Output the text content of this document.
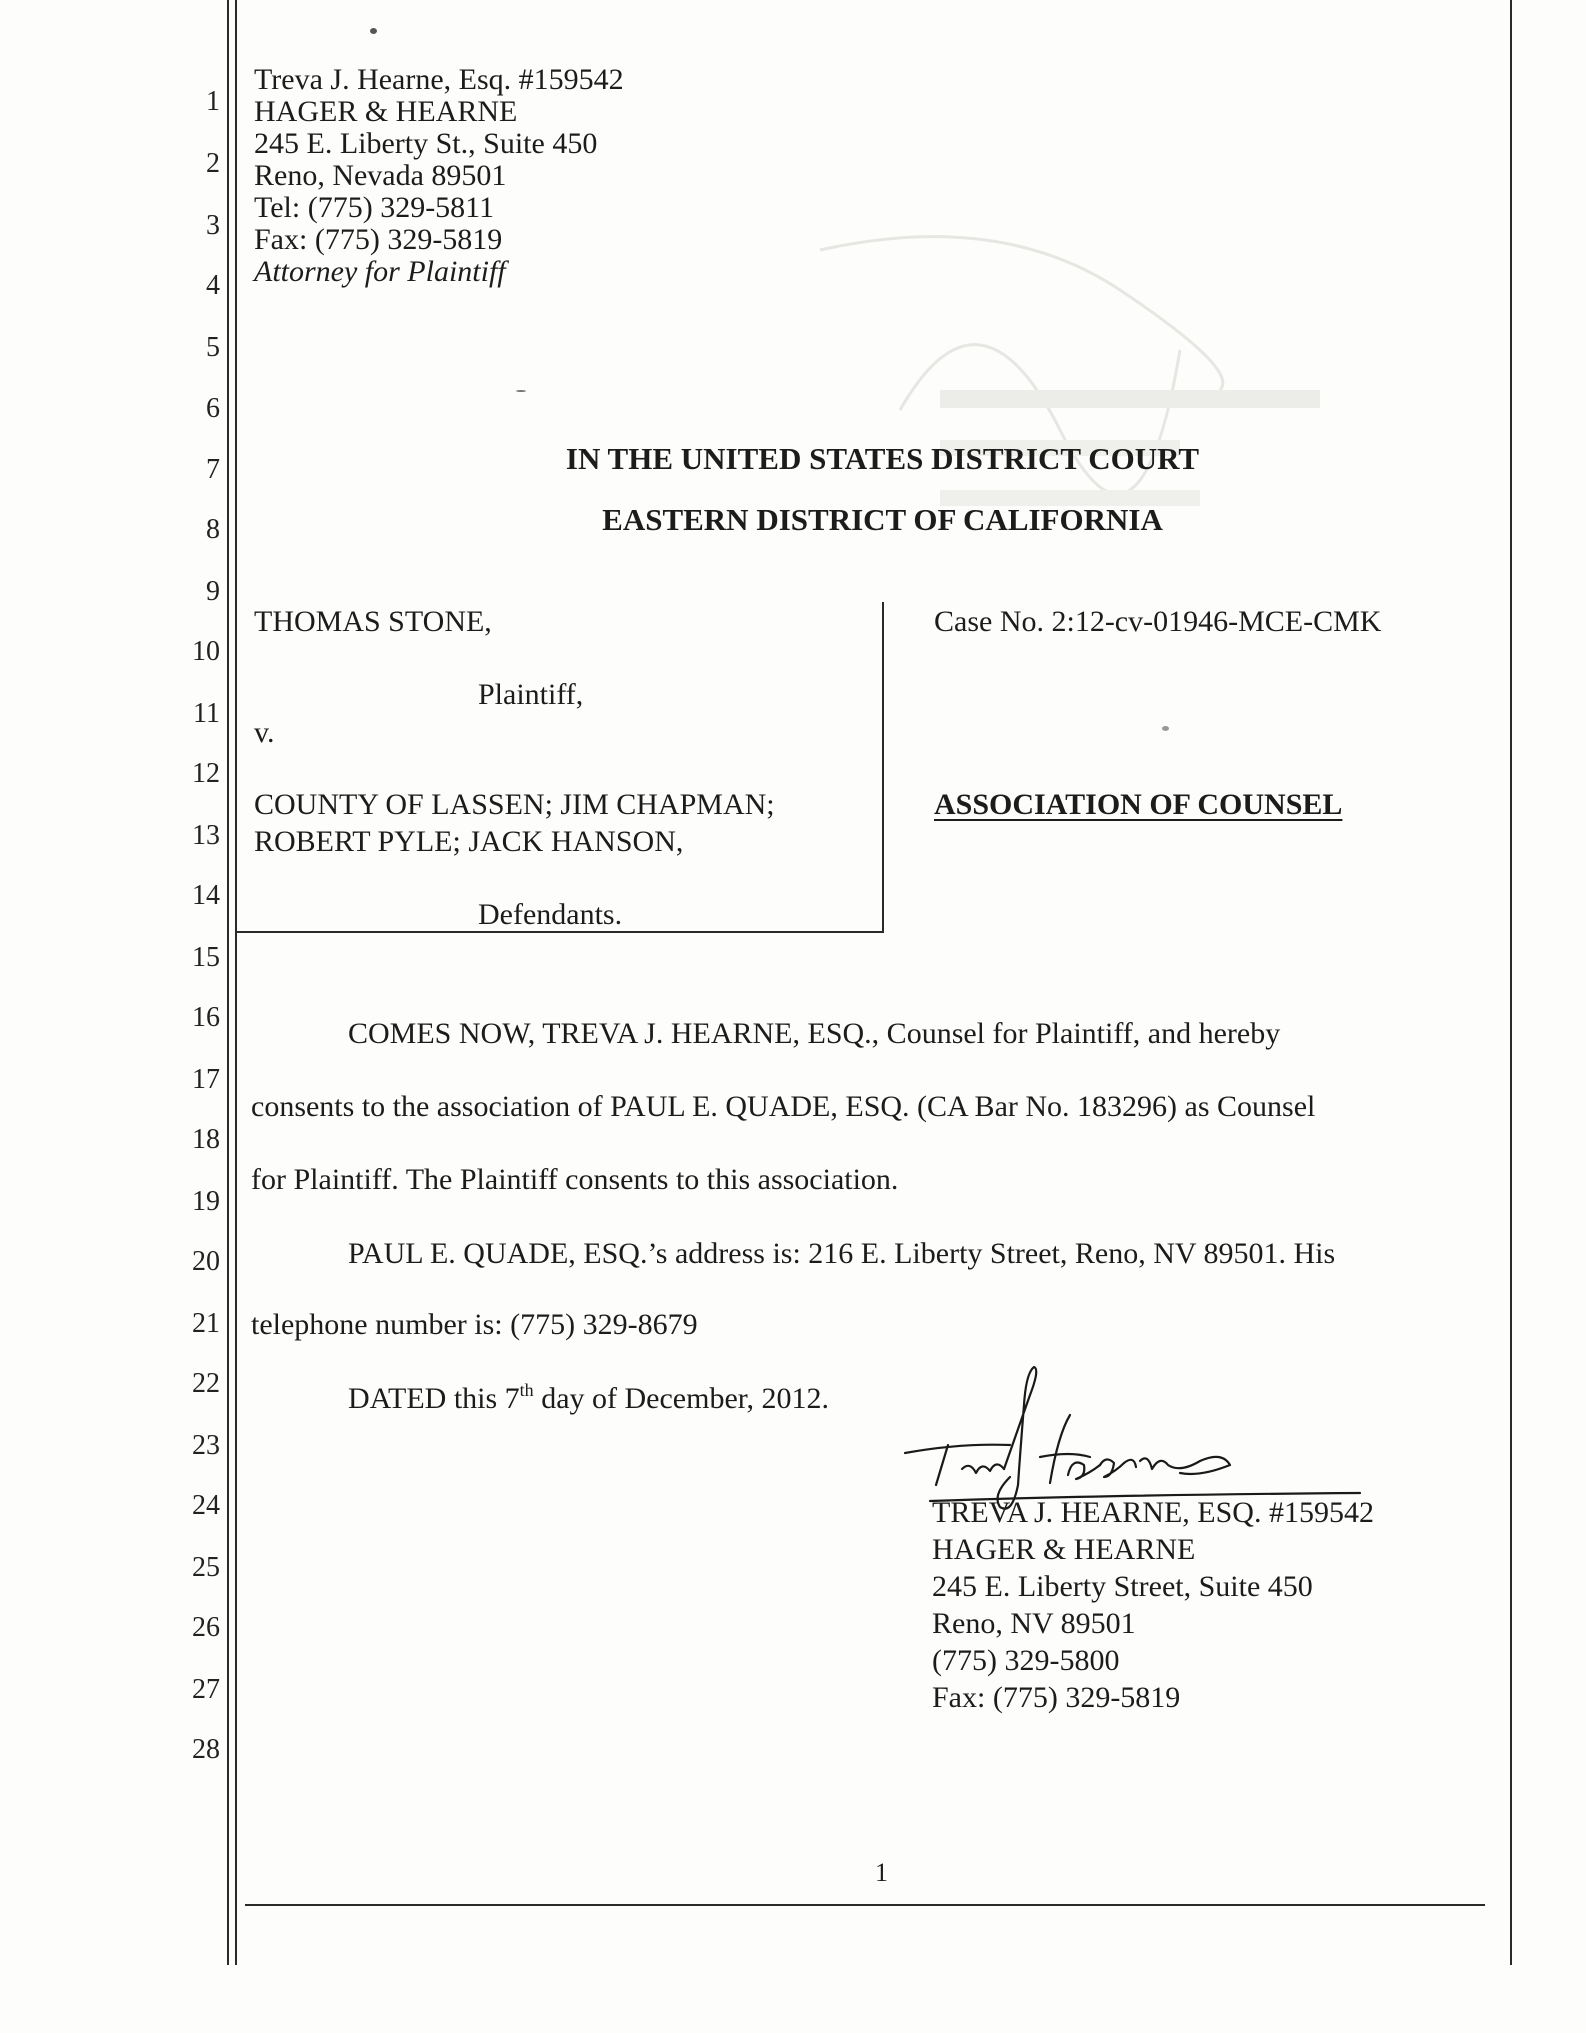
1
2
3
4
5
6
7
8
9
10
11
12
13
14
15
16
17
18
19
20
21
22
23
24
25
26
27
28
Treva J. Hearne, Esq. #159542
HAGER & HEARNE
245 E. Liberty St., Suite 450
Reno, Nevada 89501
Tel: (775) 329-5811
Fax: (775) 329-5819
Attorney for Plaintiff
IN THE UNITED STATES DISTRICT COURT
EASTERN DISTRICT OF CALIFORNIA
THOMAS STONE,
Plaintiff,
v.
COUNTY OF LASSEN; JIM CHAPMAN;
ROBERT PYLE; JACK HANSON,
Defendants.
Case No. 2:12-cv-01946-MCE-CMK
ASSOCIATION OF COUNSEL
COMES NOW, TREVA J. HEARNE, ESQ., Counsel for Plaintiff, and hereby
consents to the association of PAUL E. QUADE, ESQ. (CA Bar No. 183296) as Counsel
for Plaintiff. The Plaintiff consents to this association.
PAUL E. QUADE, ESQ.’s address is: 216 E. Liberty Street, Reno, NV 89501. His
telephone number is: (775) 329-8679
DATED this 7th day of December, 2012.
TREVA J. HEARNE, ESQ. #159542
HAGER & HEARNE
245 E. Liberty Street, Suite 450
Reno, NV 89501
(775) 329-5800
Fax: (775) 329-5819
1
